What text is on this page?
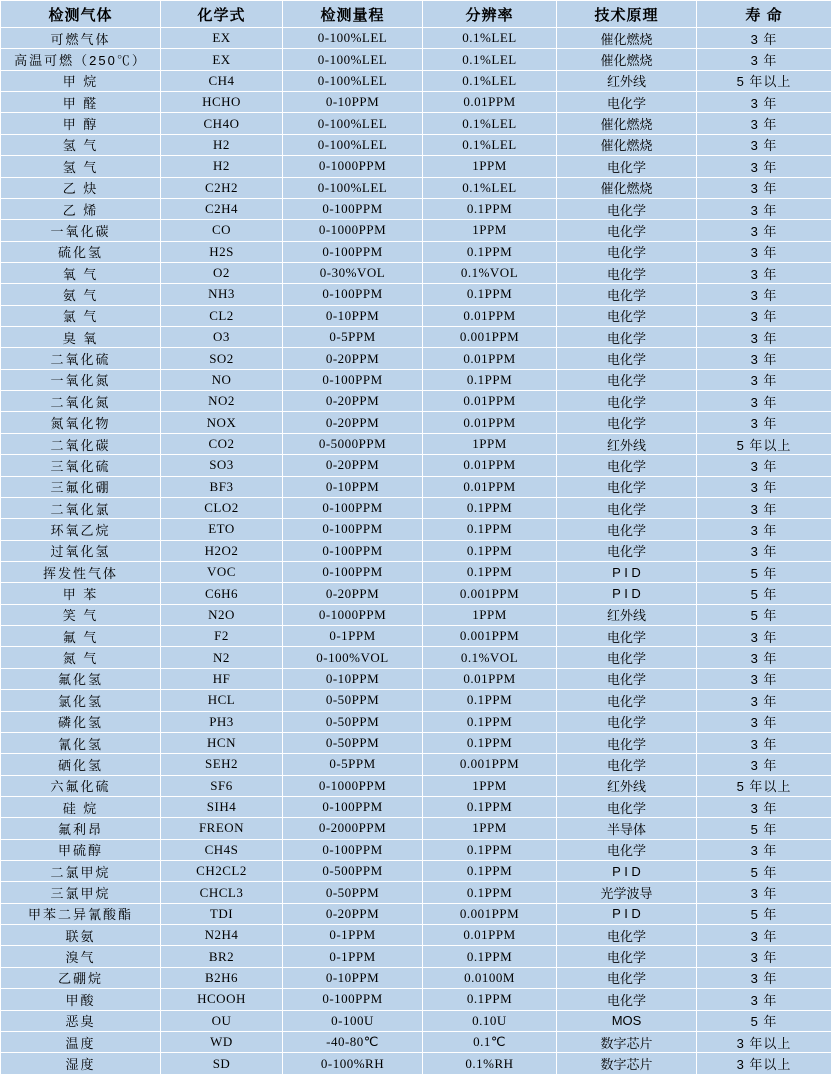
检测气体	化学式	检测量程	分辨率	技术原理	寿 命
可燃气体	EX	0-100%LEL	0.1%LEL	催化燃烧	3 年
高温可燃（250℃）	EX	0-100%LEL	0.1%LEL	催化燃烧	3 年
甲 烷	CH4	0-100%LEL	0.1%LEL	红外线	5 年以上
甲 醛	HCHO	0-10PPM	0.01PPM	电化学	3 年
甲 醇	CH4O	0-100%LEL	0.1%LEL	催化燃烧	3 年
氢 气	H2	0-100%LEL	0.1%LEL	催化燃烧	3 年
氢 气	H2	0-1000PPM	1PPM	电化学	3 年
乙 炔	C2H2	0-100%LEL	0.1%LEL	催化燃烧	3 年
乙 烯	C2H4	0-100PPM	0.1PPM	电化学	3 年
一氧化碳	CO	0-1000PPM	1PPM	电化学	3 年
硫化氢	H2S	0-100PPM	0.1PPM	电化学	3 年
氧 气	O2	0-30%VOL	0.1%VOL	电化学	3 年
氨 气	NH3	0-100PPM	0.1PPM	电化学	3 年
氯 气	CL2	0-10PPM	0.01PPM	电化学	3 年
臭 氧	O3	0-5PPM	0.001PPM	电化学	3 年
二氧化硫	SO2	0-20PPM	0.01PPM	电化学	3 年
一氧化氮	NO	0-100PPM	0.1PPM	电化学	3 年
二氧化氮	NO2	0-20PPM	0.01PPM	电化学	3 年
氮氧化物	NOX	0-20PPM	0.01PPM	电化学	3 年
二氧化碳	CO2	0-5000PPM	1PPM	红外线	5 年以上
三氧化硫	SO3	0-20PPM	0.01PPM	电化学	3 年
三氟化硼	BF3	0-10PPM	0.01PPM	电化学	3 年
二氧化氯	CLO2	0-100PPM	0.1PPM	电化学	3 年
环氧乙烷	ETO	0-100PPM	0.1PPM	电化学	3 年
过氧化氢	H2O2	0-100PPM	0.1PPM	电化学	3 年
挥发性气体	VOC	0-100PPM	0.1PPM	P I D	5 年
甲 苯	C6H6	0-20PPM	0.001PPM	P I D	5 年
笑 气	N2O	0-1000PPM	1PPM	红外线	5 年
氟 气	F2	0-1PPM	0.001PPM	电化学	3 年
氮 气	N2	0-100%VOL	0.1%VOL	电化学	3 年
氟化氢	HF	0-10PPM	0.01PPM	电化学	3 年
氯化氢	HCL	0-50PPM	0.1PPM	电化学	3 年
磷化氢	PH3	0-50PPM	0.1PPM	电化学	3 年
氰化氢	HCN	0-50PPM	0.1PPM	电化学	3 年
硒化氢	SEH2	0-5PPM	0.001PPM	电化学	3 年
六氟化硫	SF6	0-1000PPM	1PPM	红外线	5 年以上
硅 烷	SIH4	0-100PPM	0.1PPM	电化学	3 年
氟利昂	FREON	0-2000PPM	1PPM	半导体	5 年
甲硫醇	CH4S	0-100PPM	0.1PPM	电化学	3 年
二氯甲烷	CH2CL2	0-500PPM	0.1PPM	P I D	5 年
三氯甲烷	CHCL3	0-50PPM	0.1PPM	光学波导	3 年
甲苯二异氰酸酯	TDI	0-20PPM	0.001PPM	P I D	5 年
联氨	N2H4	0-1PPM	0.01PPM	电化学	3 年
溴气	BR2	0-1PPM	0.1PPM	电化学	3 年
乙硼烷	B2H6	0-10PPM	0.0100M	电化学	3 年
甲酸	HCOOH	0-100PPM	0.1PPM	电化学	3 年
恶臭	OU	0-100U	0.10U	MOS	5 年
温度	WD	-40-80℃	0.1℃	数字芯片	3 年以上
湿度	SD	0-100%RH	0.1%RH	数字芯片	3 年以上
